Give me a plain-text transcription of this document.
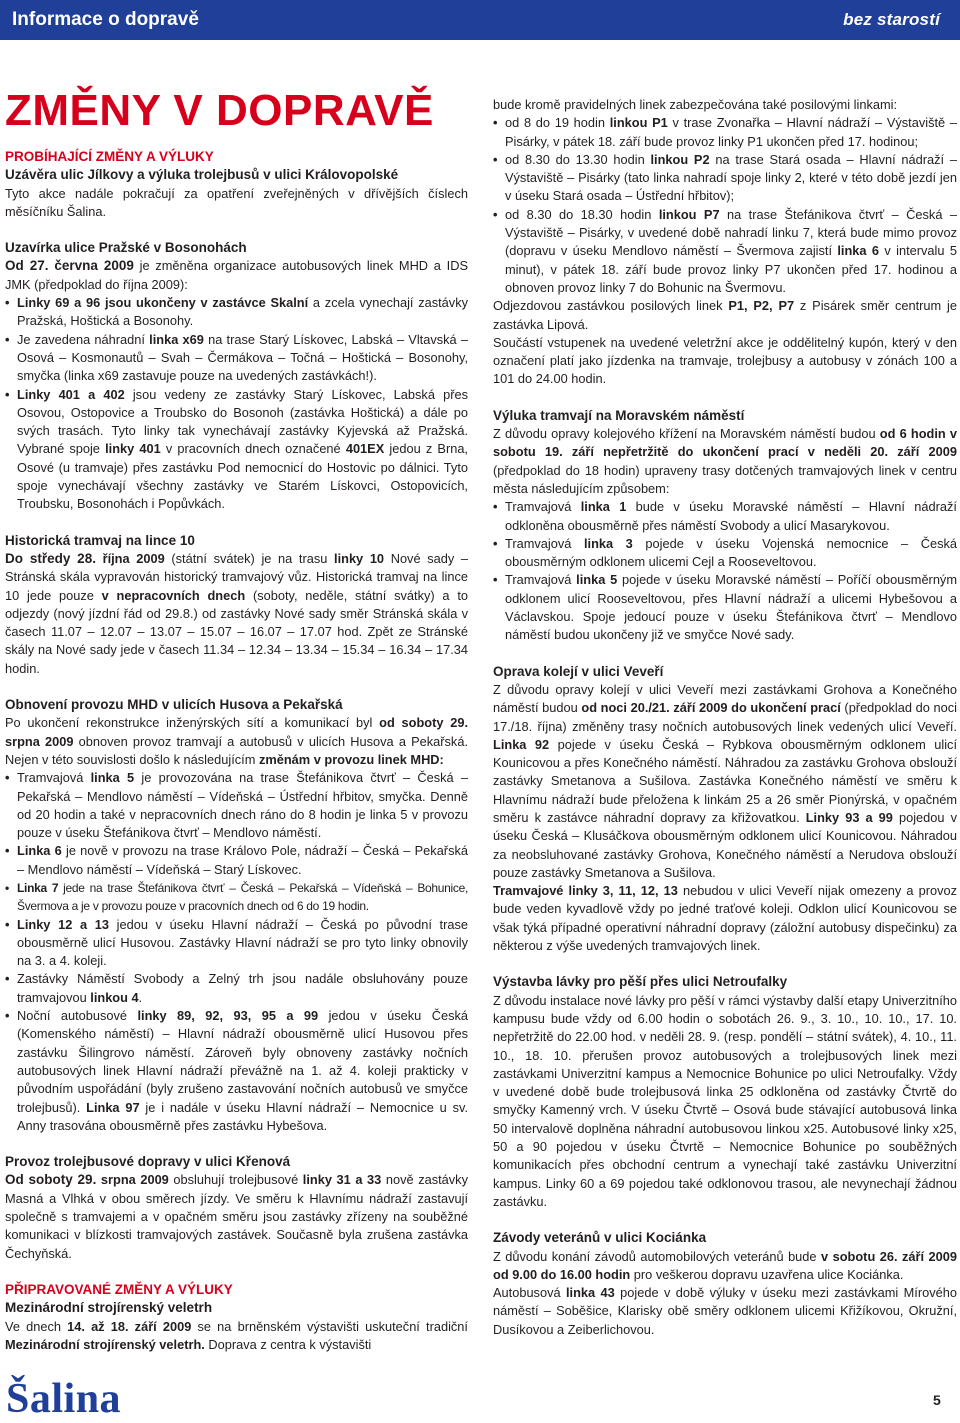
Informace o dopravě	bez starostí
ZMĚNY V DOPRAVĚ
PROBÍHAJÍCÍ ZMĚNY A VÝLUKY
Uzávěra ulic Jílkovy a výluka trolejbusů v ulici Královopolské

Tyto akce nadále pokračují za opatření zveřejněných v dřívějších číslech měsíčníku Šalina.

Uzavírka ulice Pražské v Bosonohách

Od 27. června 2009 je změněna organizace autobusových linek MHD a IDS JMK (předpoklad do října 2009):

• Linky 69 a 96 jsou ukončeny v zastávce Skalní a zcela vynechají zastávky Pražská, Hoštická a Bosonohy.
• Je zavedena náhradní linka x69 na trase Starý Lískovec, Labská – Vltavská – Osová – Kosmonautů – Svah – Čermákova – Točná – Hoštická – Bosonohy, smyčka (linka x69 zastavuje pouze na uvedených zastávkách!).
• Linky 401 a 402 jsou vedeny ze zastávky Starý Lískovec, Labská přes Osovou, Ostopovice a Troubsko do Bosonoh (zastávka Hoštická) a dále po svých trasách. Tyto linky tak vynechávají zastávky Kyjevská až Pražská. Vybrané spoje linky 401 v pracovních dnech označené 401EX jedou z Brna, Osové (u tramvaje) přes zastávku Pod nemocnicí do Hostovic po dálnici. Tyto spoje vynechávají všechny zastávky ve Starém Lískovci, Ostopovicích, Troubsku, Bosonohách i Popůvkách.
Historická tramvaj na lince 10

Do středy 28. října 2009 (státní svátek) je na trasu linky 10 Nové sady – Stránská skála vypravován historický tramvajový vůz. Historická tramvaj na lince 10 jede pouze v nepracovních dnech (soboty, neděle, státní svátky) a to odjezdy (nový jízdní řád od 29.8.) od zastávky Nové sady směr Stránská skála v časech 11.07 – 12.07 – 13.07 – 15.07 – 16.07 – 17.07 hod. Zpět ze Stránské skály na Nové sady jede v časech 11.34 – 12.34 – 13.34 – 15.34 – 16.34 – 17.34 hodin.

Obnovení provozu MHD v ulicích Husova a Pekařská

Po ukončení rekonstrukce inženýrských sítí a komunikací byl od soboty 29. srpna 2009 obnoven provoz tramvají a autobusů v ulicích Husova a Pekařská. Nejen v této souvislosti došlo k následujícím změnám v provozu linek MHD:

• Tramvajová linka 5 je provozována na trase Štefánikova čtvrť – Česká – Pekařská – Mendlovo náměstí – Vídeňská – Ústřední hřbitov, smyčka. Denně od 20 hodin a také v nepracovních dnech ráno do 8 hodin je linka 5 v provozu pouze v úseku Štefánikova čtvrť – Mendlovo náměstí.
• Linka 6 je nově v provozu na trase Královo Pole, nádraží – Česká – Pekařská – Mendlovo náměstí – Vídeňská – Starý Lískovec.
• Linka 7 jede na trase Štefánikova čtvrť – Česká – Pekařská – Vídeňská – Bohunice, Švermova a je v provozu pouze v pracovních dnech od 6 do 19 hodin.
• Linky 12 a 13 jedou v úseku Hlavní nádraží – Česká po původní trase obousměrně ulicí Husovou. Zastávky Hlavní nádraží se pro tyto linky obnovily na 3. a 4. koleji.
• Zastávky Náměstí Svobody a Zelný trh jsou nadále obsluhovány pouze tramvajovou linkou 4.
• Noční autobusové linky 89, 92, 93, 95 a 99 jedou v úseku Česká (Komenského náměstí) – Hlavní nádraží obousměrně ulicí Husovou přes zastávku Šilingrovo náměstí. Zároveň byly obnoveny zastávky nočních autobusových linek Hlavní nádraží převážně na 1. až 4. koleji prakticky v původním uspořádání (byly zrušeno zastavování nočních autobusů ve smyčce trolejbusů). Linka 97 je i nadále v úseku Hlavní nádraží – Nemocnice u sv. Anny trasována obousměrně přes zastávku Hybešova.
Provoz trolejbusové dopravy v ulici Křenová

Od soboty 29. srpna 2009 obsluhují trolejbusové linky 31 a 33 nově zastávky Masná a Vlhká v obou směrech jízdy. Ve směru k Hlavnímu nádraží zastavují společně s tramvajemi a v opačném směru jsou zastávky zřízeny na souběžné komunikaci v blízkosti tramvajových zastávek. Současně byla zrušena zastávka Čechyňská.

PŘIPRAVOVANÉ ZMĚNY A VÝLUKY
Mezinárodní strojírenský veletrh

Ve dnech 14. až 18. září 2009 se na brněnském výstavišti uskuteční tradiční Mezinárodní strojírenský veletrh. Doprava z centra k výstavišti

bude kromě pravidelných linek zabezpečována také posilovými linkami:

• od 8 do 19 hodin linkou P1 v trase Zvonařka – Hlavní nádraží – Výstaviště – Pisárky, v pátek 18. září bude provoz linky P1 ukončen před 17. hodinou;
• od 8.30 do 13.30 hodin linkou P2 na trase Stará osada – Hlavní nádraží – Výstaviště – Pisárky (tato linka nahradí spoje linky 2, které v této době jezdí jen v úseku Stará osada – Ústřední hřbitov);
• od 8.30 do 18.30 hodin linkou P7 na trase Štefánikova čtvrť – Česká – Výstaviště – Pisárky, v uvedené době nahradí linku 7, která bude mimo provoz (dopravu v úseku Mendlovo náměstí – Švermova zajistí linka 6 v intervalu 5 minut), v pátek 18. září bude provoz linky P7 ukončen před 17. hodinou a obnoven provoz linky 7 do Bohunic na Švermovu.

Odjezdovou zastávkou posilových linek P1, P2, P7 z Pisárek směr centrum je zastávka Lipová.

Součástí vstupenek na uvedené veletržní akce je oddělitelný kupón, který v den označení platí jako jízdenka na tramvaje, trolejbusy a autobusy v zónách 100 a 101 do 24.00 hodin.

Výluka tramvají na Moravském náměstí

Z důvodu opravy kolejového křížení na Moravském náměstí budou od 6 hodin v sobotu 19. září nepřetržitě do ukončení prací v neděli 20. září 2009 (předpoklad do 18 hodin) upraveny trasy dotčených tramvajových linek v centru města následujícím způsobem:

• Tramvajová linka 1 bude v úseku Moravské náměstí – Hlavní nádraží odkloněna obousměrně přes náměstí Svobody a ulicí Masarykovou.
• Tramvajová linka 3 pojede v úseku Vojenská nemocnice – Česká obousměrným odklonem ulicemi Cejl a Rooseveltovou.
• Tramvajová linka 5 pojede v úseku Moravské náměstí – Poříčí obousměrným odklonem ulicí Rooseveltovou, přes Hlavní nádraží a ulicemi Hybešovou a Václavskou. Spoje jedoucí pouze v úseku Štefánikova čtvrť – Mendlovo náměstí budou ukončeny již ve smyčce Nové sady.
Oprava kolejí v ulici Veveří

Z důvodu opravy kolejí v ulici Veveří mezi zastávkami Grohova a Konečného náměstí budou od noci 20./21. září 2009 do ukončení prací (předpoklad do noci 17./18. října) změněny trasy nočních autobusových linek vedených ulicí Veveří. Linka 92 pojede v úseku Česká – Rybkova obousměrným odklonem ulicí Kounicovou a přes Konečného náměstí. Náhradou za zastávku Grohova obslouží zastávky Smetanova a Sušilova. Zastávka Konečného náměstí ve směru k Hlavnímu nádraží bude přeložena k linkám 25 a 26 směr Pionýrská, v opačném směru k zastávce náhradní dopravy za křižovatkou. Linky 93 a 99 pojedou v úseku Česká – Klusáčkova obousměrným odklonem ulicí Kounicovou. Náhradou za neobsluhované zastávky Grohova, Konečného náměstí a Nerudova obslouží pouze zastávky Smetanova a Sušilova.

Tramvajové linky 3, 11, 12, 13 nebudou v ulici Veveří nijak omezeny a provoz bude veden kyvadlově vždy po jedné traťové koleji. Odklon ulicí Kounicovou se však týká případné operativní náhradní dopravy (záložní autobusy dispečinku) za některou z výše uvedených tramvajových linek.

Výstavba lávky pro pěší přes ulici Netroufalky

Z důvodu instalace nové lávky pro pěší v rámci výstavby další etapy Univerzitního kampusu bude vždy od 6.00 hodin o sobotách 26. 9., 3. 10., 10. 10., 17. 10. nepřetržitě do 22.00 hod. v neděli 28. 9. (resp. pondělí – státní svátek), 4. 10., 11. 10., 18. 10. přerušen provoz autobusových a trolejbusových linek mezi zastávkami Univerzitní kampus a Nemocnice Bohunice po ulici Netroufalky. Vždy v uvedené době bude trolejbusová linka 25 odkloněna od zastávky Čtvrtě do smyčky Kamenný vrch. V úseku Čtvrtě – Osová bude stávající autobusová linka 50 intervalově doplněna náhradní autobusovou linkou x25. Autobusové linky x25, 50 a 90 pojedou v úseku Čtvrtě – Nemocnice Bohunice po souběžných komunikacích přes obchodní centrum a vynechají také zastávku Univerzitní kampus. Linky 60 a 69 pojedou také odklonovou trasou, ale nevynechají žádnou zastávku.

Závody veteránů v ulici Kociánka

Z důvodu konání závodů automobilových veteránů bude v sobotu 26. září 2009 od 9.00 do 16.00 hodin pro veškerou dopravu uzavřena ulice Kociánka.

Autobusová linka 43 pojede v době výluky v úseku mezi zastávkami Mírového náměstí – Soběšice, Klarisky obě směry odklonem ulicemi Křižíkovou, Okružní, Dusíkovou a Zeiberlichovou.

Šalina	5
